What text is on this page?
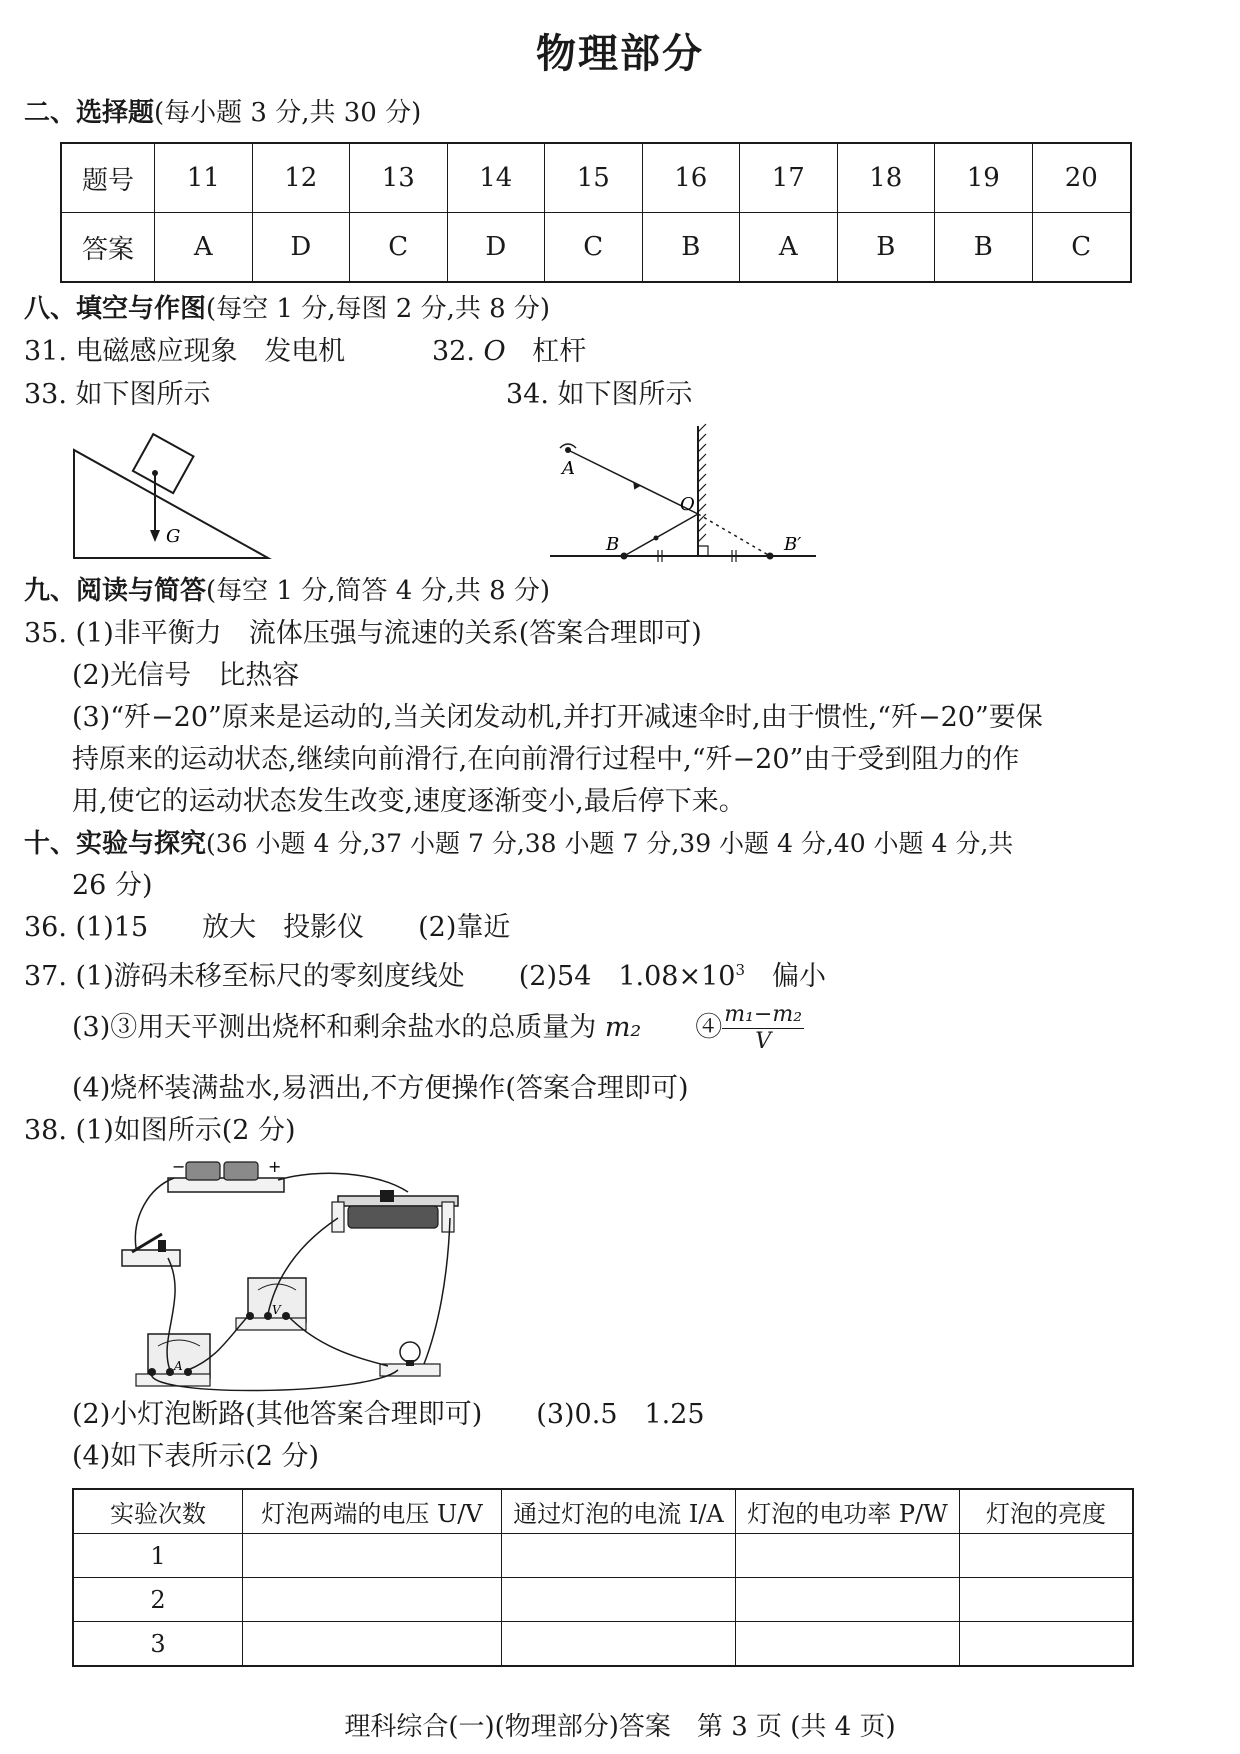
物理部分
二、选择题(每小题 3 分,共 30 分)
题号	11	12	13	14	15	16	17	18	19	20
答案	A	D	C	D	C	B	A	B	B	C
八、填空与作图(每空 1 分,每图 2 分,共 8 分)
31. 电磁感应现象 发电机	32. O 杠杆
33. 如下图所示	34. 如下图所示
G
A
O
B	B′
九、阅读与简答(每空 1 分,简答 4 分,共 8 分)
35. (1)非平衡力　流体压强与流速的关系(答案合理即可)
(2)光信号　比热容
(3)“歼−20”原来是运动的,当关闭发动机,并打开减速伞时,由于惯性,“歼−20”要保
持原来的运动状态,继续向前滑行,在向前滑行过程中,“歼−20”由于受到阻力的作
用,使它的运动状态发生改变,速度逐渐变小,最后停下来。
十、实验与探究(36 小题 4 分,37 小题 7 分,38 小题 7 分,39 小题 4 分,40 小题 4 分,共
26 分)
36. (1)15　　放大　投影仪　　(2)靠近
37. (1)游码未移至标尺的零刻度线处　　(2)54　$1.08\times 10^3$　偏小
(3)③用天平测出烧杯和剩余盐水的总质量为 m₂　　④ $\frac{\text{m₁−m₂}}{V}$
(4)烧杯装满盐水,易洒出,不方便操作(答案合理即可)
38. (1)如图所示(2 分)
−	+
V
A
(2)小灯泡断路(其他答案合理即可)　　(3)0.5　1.25
(4)如下表所示(2 分)
实验次数	灯泡两端的电压 U/V	通过灯泡的电流 I/A	灯泡的电功率 P/W	灯泡的亮度
1				
2				
3				
理科综合(一)(物理部分)答案　第 3 页 (共 4 页)
